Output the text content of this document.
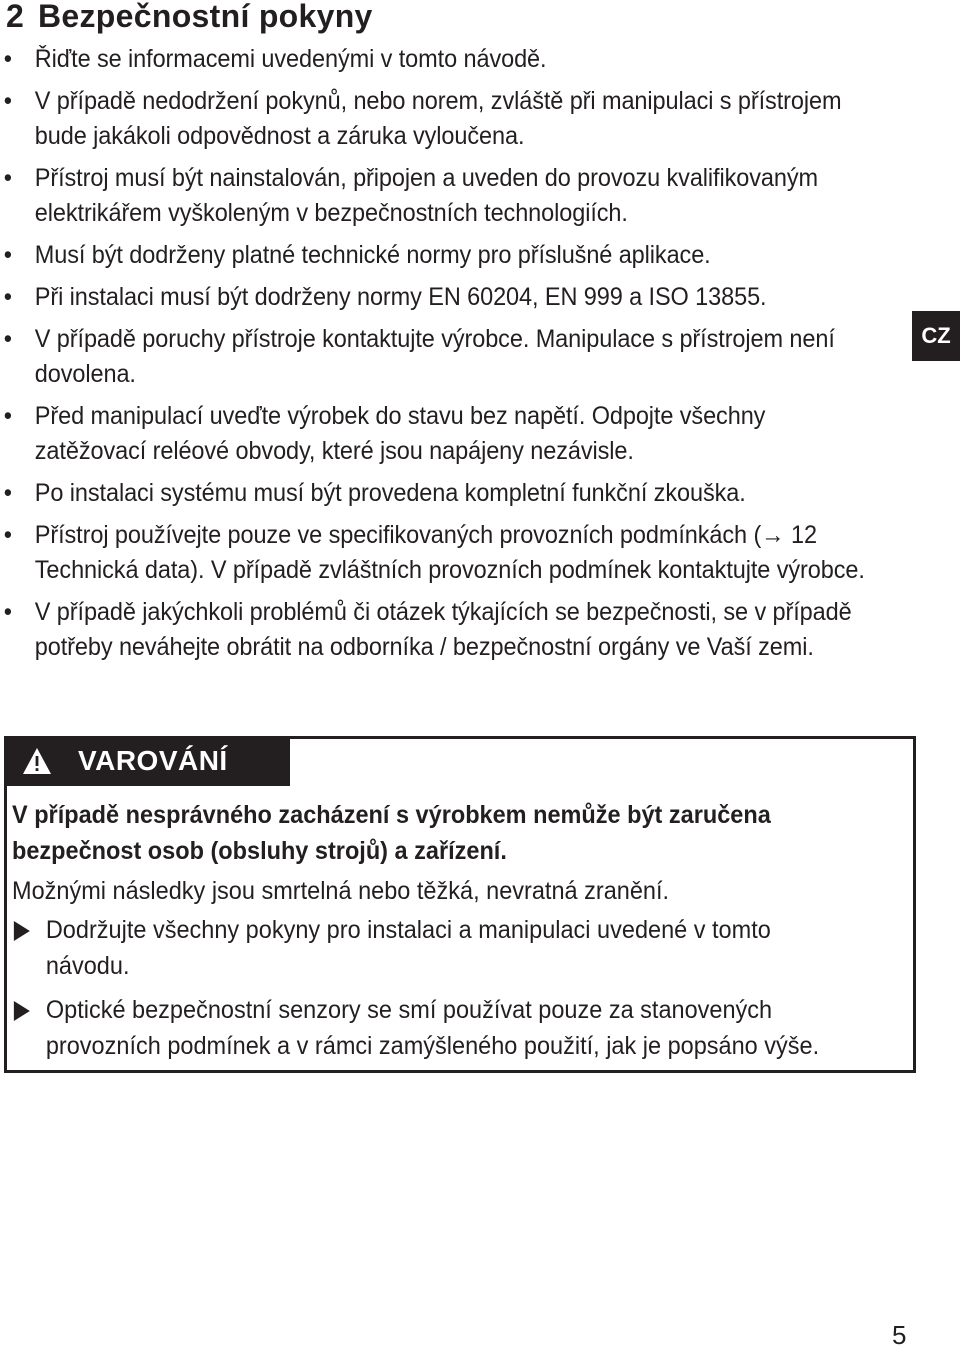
2 Bezpečnostní pokyny
• Řiďte se informacemi uvedenými v tomto návodě.
• V případě nedodržení pokynů, nebo norem, zvláště při manipulaci s přístrojem bude jakákoli odpovědnost a záruka vyloučena.
• Přístroj musí být nainstalován, připojen a uveden do provozu kvalifikovaným elektrikářem vyškoleným v bezpečnostních technologiích.
• Musí být dodrženy platné technické normy pro příslušné aplikace.
• Při instalaci musí být dodrženy normy EN 60204, EN 999 a ISO 13855.
• V případě poruchy přístroje kontaktujte výrobce. Manipulace s přístrojem není dovolena.
• Před manipulací uveďte výrobek do stavu bez napětí. Odpojte všechny zatěžovací reléové obvody, které jsou napájeny nezávisle.
• Po instalaci systému musí být provedena kompletní funkční zkouška.
• Přístroj používejte pouze ve specifikovaných provozních podmínkách (→ 12 Technická data). V případě zvláštních provozních podmínek kontaktujte výrobce.
• V případě jakýchkoli problémů či otázek týkajících se bezpečnosti, se v případě potřeby neváhejte obrátit na odborníka / bezpečnostní orgány ve Vaší zemi.
CZ
VAROVÁNÍ

V případě nesprávného zacházení s výrobkem nemůže být zaručena bezpečnost osob (obsluhy strojů) a zařízení.

Možnými následky jsou smrtelná nebo těžká, nevratná zranění.

Dodržujte všechny pokyny pro instalaci a manipulaci uvedené v tomto návodu.
Optické bezpečnostní senzory se smí používat pouze za stanovených provozních podmínek a v rámci zamýšleného použití, jak je popsáno výše.
5
